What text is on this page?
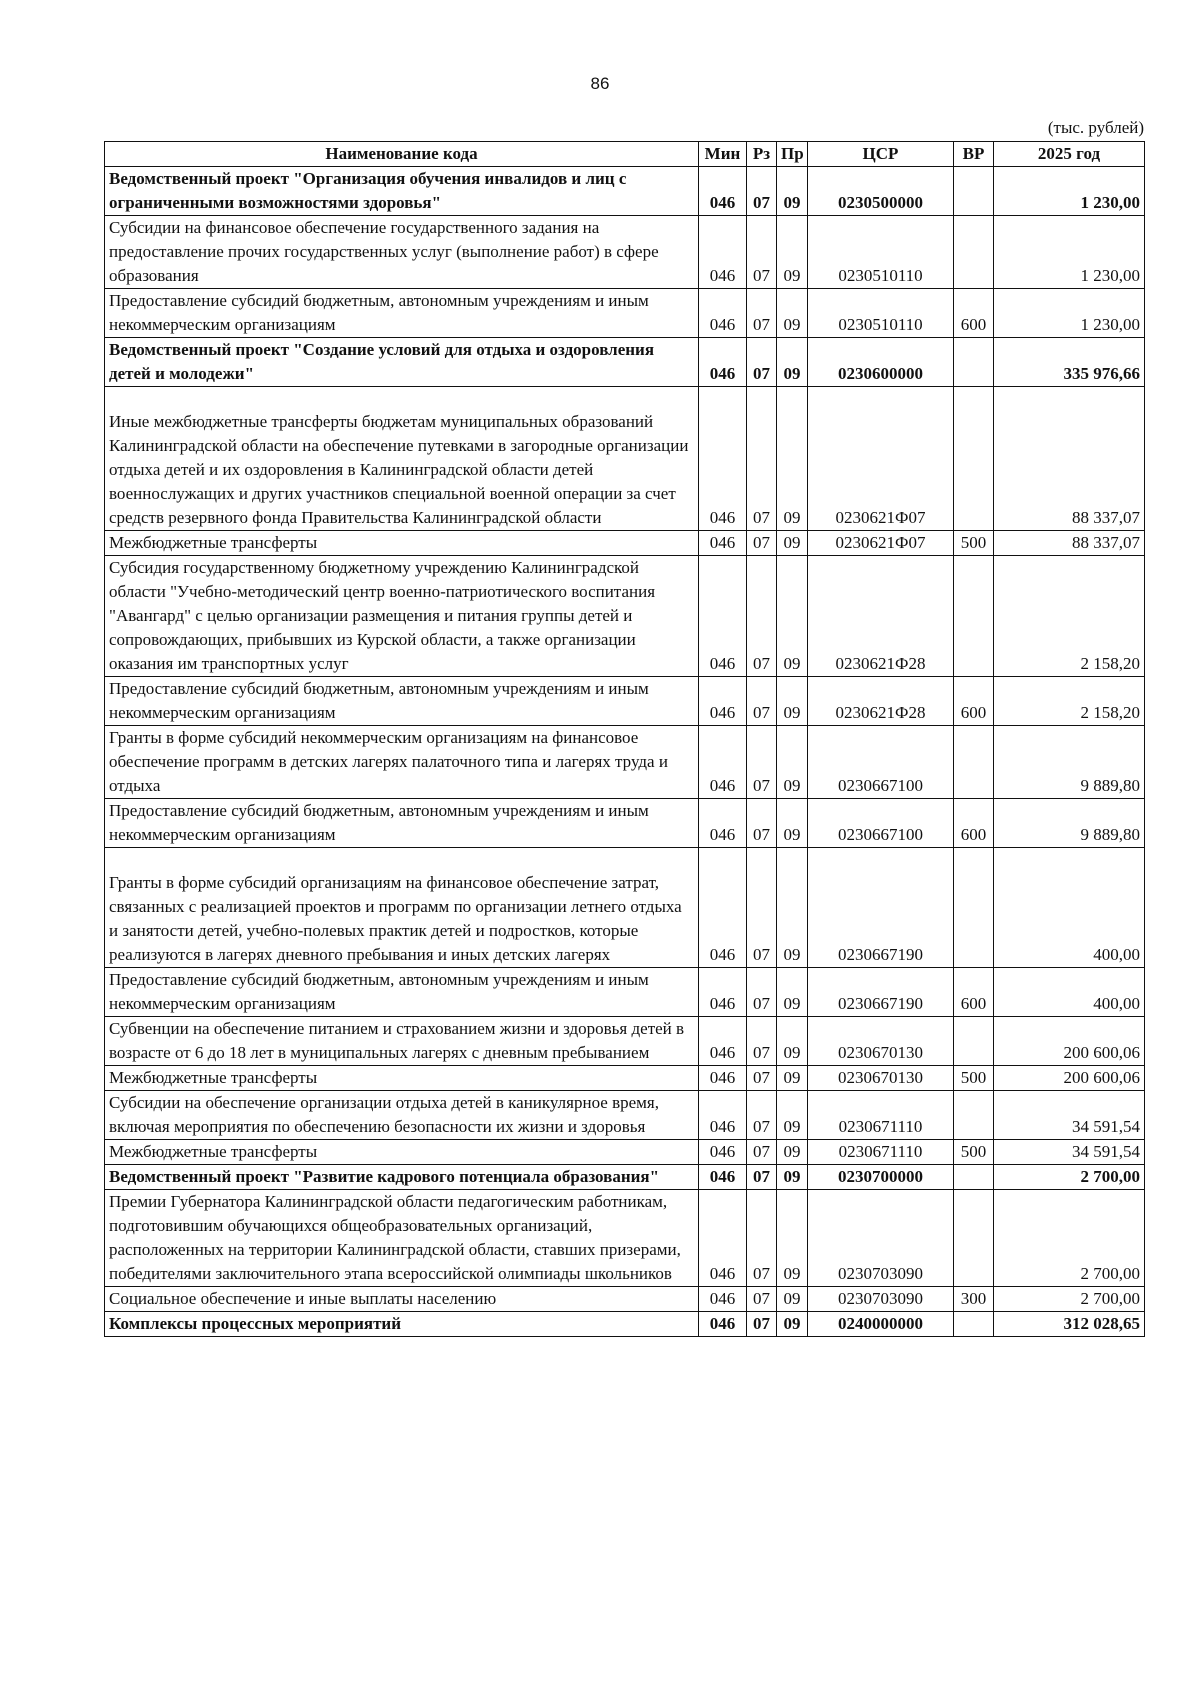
86
(тыс. рублей)
Наименование кода	Мин	Рз	Пр	ЦСР	ВР	2025 год
Ведомственный проект "Организация обучения инвалидов и лиц с ограниченными возможностями здоровья"	046	07	09	0230500000		1 230,00
Субсидии на финансовое обеспечение государственного задания на предоставление прочих государственных услуг (выполнение работ) в сфере образования	046	07	09	0230510110		1 230,00
Предоставление субсидий бюджетным, автономным учреждениям и иным некоммерческим организациям	046	07	09	0230510110	600	1 230,00
Ведомственный проект "Создание условий для отдыха и оздоровления детей и молодежи"	046	07	09	0230600000		335 976,66
Иные межбюджетные трансферты бюджетам муниципальных образований Калининградской области на обеспечение путевками в загородные организации отдыха детей и их оздоровления в Калининградской области детей военнослужащих и других участников специальной военной операции за счет средств резервного фонда Правительства Калининградской области	046	07	09	0230621Ф07		88 337,07
Межбюджетные трансферты	046	07	09	0230621Ф07	500	88 337,07
Субсидия государственному бюджетному учреждению Калининградской области "Учебно-методический центр военно-патриотического воспитания "Авангард" с целью организации размещения и питания группы детей и сопровождающих, прибывших из Курской области, а также организации оказания им транспортных услуг	046	07	09	0230621Ф28		2 158,20
Предоставление субсидий бюджетным, автономным учреждениям и иным некоммерческим организациям	046	07	09	0230621Ф28	600	2 158,20
Гранты в форме субсидий некоммерческим организациям на финансовое обеспечение программ в детских лагерях палаточного типа и лагерях труда и отдыха	046	07	09	0230667100		9 889,80
Предоставление субсидий бюджетным, автономным учреждениям и иным некоммерческим организациям	046	07	09	0230667100	600	9 889,80
Гранты в форме субсидий организациям на финансовое обеспечение затрат, связанных с реализацией проектов и программ по организации летнего отдыха и занятости детей, учебно-полевых практик детей и подростков, которые реализуются в лагерях дневного пребывания и иных детских лагерях	046	07	09	0230667190		400,00
Предоставление субсидий бюджетным, автономным учреждениям и иным некоммерческим организациям	046	07	09	0230667190	600	400,00
Субвенции на обеспечение питанием и страхованием жизни и здоровья детей в возрасте от 6 до 18 лет в муниципальных лагерях с дневным пребыванием	046	07	09	0230670130		200 600,06
Межбюджетные трансферты	046	07	09	0230670130	500	200 600,06
Субсидии на обеспечение организации отдыха детей в каникулярное время, включая мероприятия по обеспечению безопасности их жизни и здоровья	046	07	09	0230671110		34 591,54
Межбюджетные трансферты	046	07	09	0230671110	500	34 591,54
Ведомственный проект "Развитие кадрового потенциала образования"	046	07	09	0230700000		2 700,00
Премии Губернатора Калининградской области педагогическим работникам, подготовившим обучающихся общеобразовательных организаций, расположенных на территории Калининградской области, ставших призерами, победителями заключительного этапа всероссийской олимпиады школьников	046	07	09	0230703090		2 700,00
Социальное обеспечение и иные выплаты населению	046	07	09	0230703090	300	2 700,00
Комплексы процессных мероприятий	046	07	09	0240000000		312 028,65
